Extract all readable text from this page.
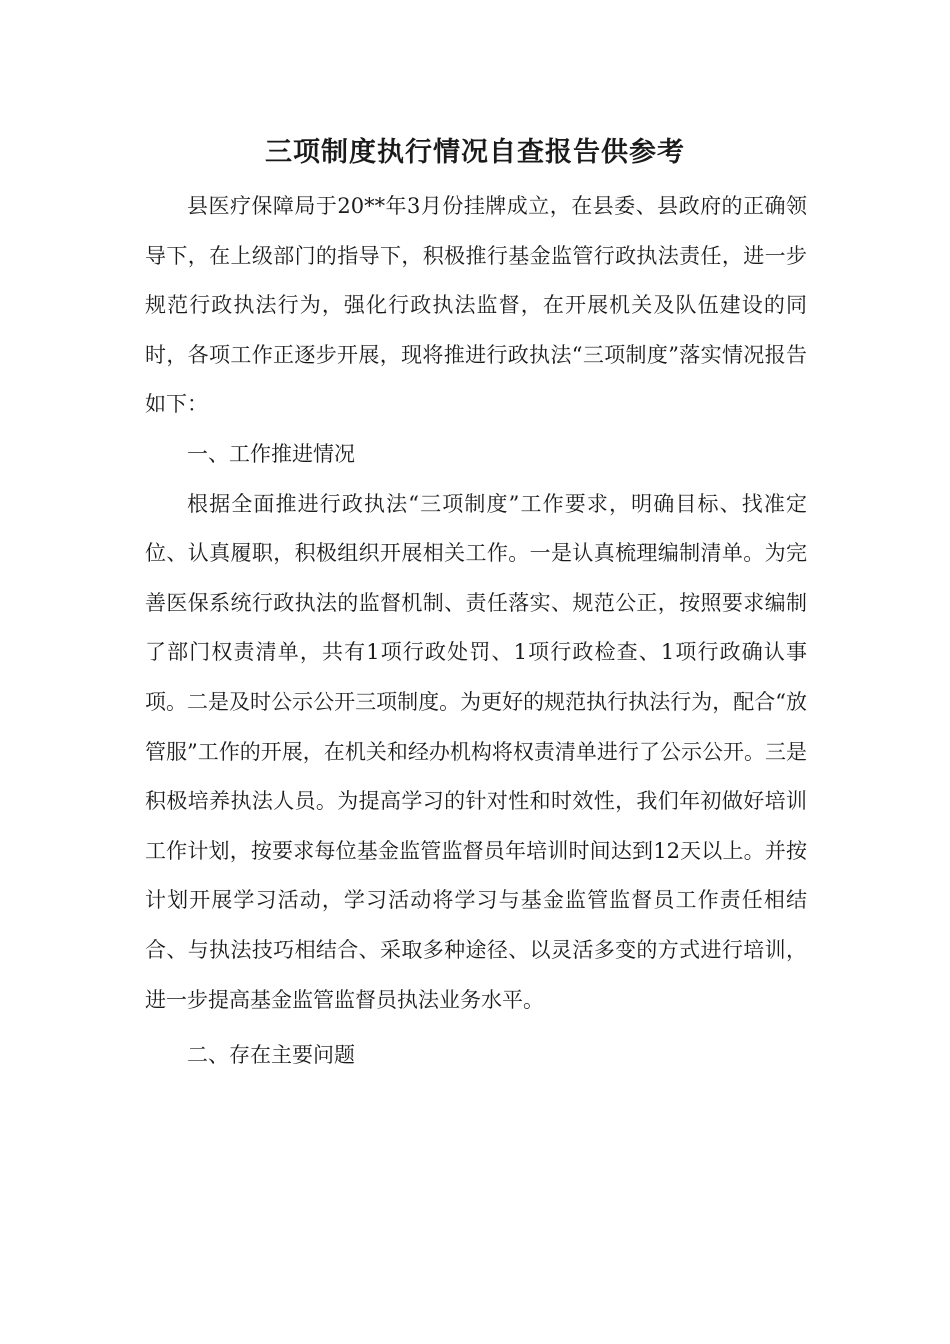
三项制度执行情况自查报告供参考

县医疗保障局于20**年3月份挂牌成立，在县委、县政府的正确领导下，在上级部门的指导下，积极推行基金监管行政执法责任，进一步规范行政执法行为，强化行政执法监督，在开展机关及队伍建设的同时，各项工作正逐步开展，现将推进行政执法“三项制度”落实情况报告如下：

一、工作推进情况

根据全面推进行政执法“三项制度”工作要求，明确目标、找准定位、认真履职，积极组织开展相关工作。一是认真梳理编制清单。为完善医保系统行政执法的监督机制、责任落实、规范公正，按照要求编制了部门权责清单，共有1项行政处罚、1项行政检查、1项行政确认事项。二是及时公示公开三项制度。为更好的规范执行执法行为，配合“放管服”工作的开展，在机关和经办机构将权责清单进行了公示公开。三是积极培养执法人员。为提高学习的针对性和时效性，我们年初做好培训工作计划，按要求每位基金监管监督员年培训时间达到12天以上。并按计划开展学习活动，学习活动将学习与基金监管监督员工作责任相结合、与执法技巧相结合、采取多种途径、以灵活多变的方式进行培训，进一步提高基金监管监督员执法业务水平。

二、存在主要问题
